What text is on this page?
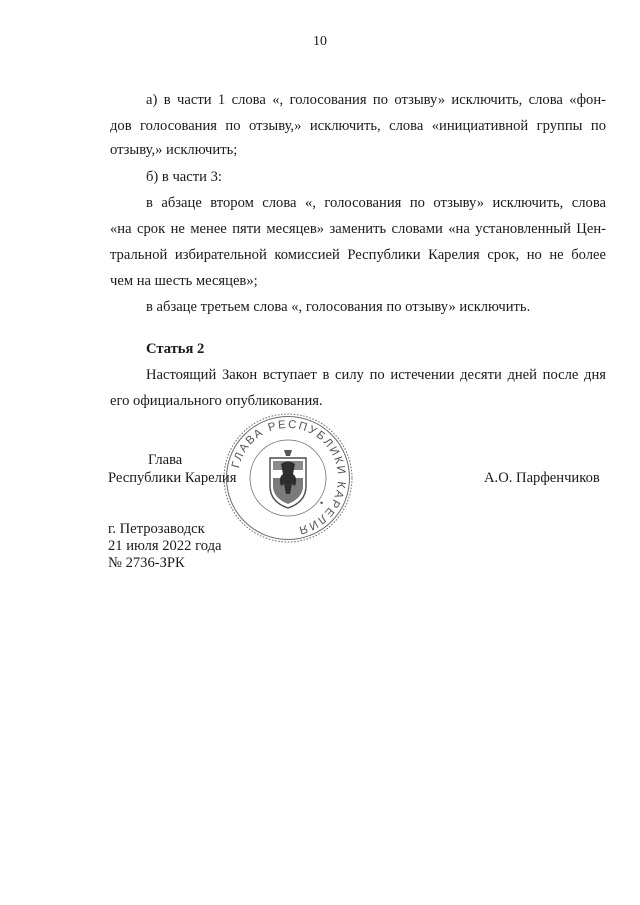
10
а) в части 1 слова «, голосования по отзыву» исключить, слова «фон-
дов голосования по отзыву,» исключить, слова «инициативной группы по
отзыву,» исключить;
б) в части 3:
в абзаце втором слова «, голосования по отзыву» исключить, слова
«на срок не менее пяти месяцев» заменить словами «на установленный Цен-
тральной избирательной комиссией Республики Карелия срок, но не более
чем на шесть месяцев»;
в абзаце третьем слова «, голосования по отзыву» исключить.
Статья 2
Настоящий Закон вступает в силу по истечении десяти дней после дня
его официального опубликования.
ГЛАВА РЕСПУБЛИКИ КАРЕЛИЯ
•
Глава
Республики Карелия	А.О. Парфенчиков
г. Петрозаводск
21 июля 2022 года
№ 2736-ЗРК
